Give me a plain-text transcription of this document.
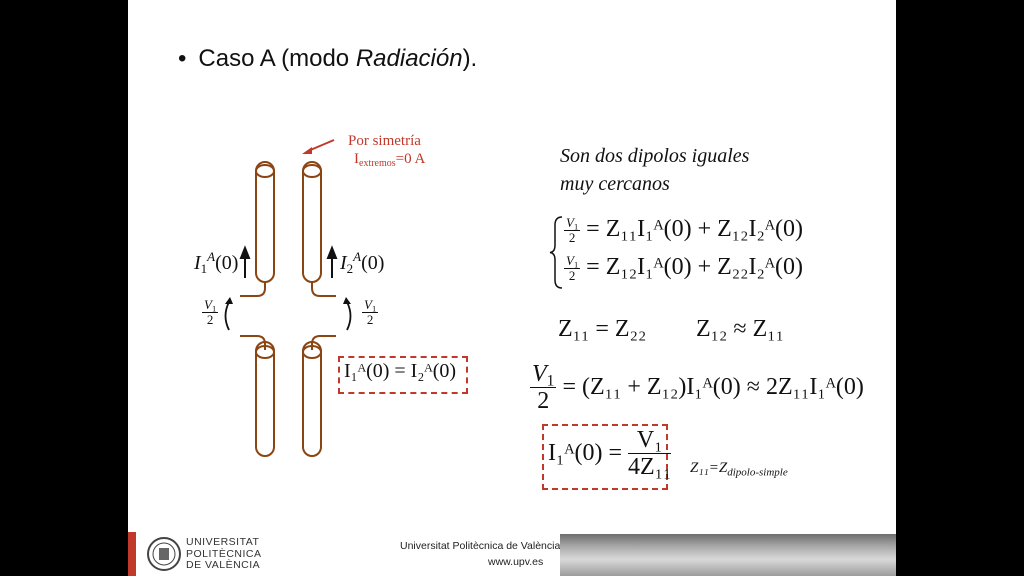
• Caso A (modo Radiación).
Por simetría
$I_{extremos}=0$ A
$I_1^A(0)$	$I_2^A(0)$
$\frac{V_1}{2}$	$\frac{V_1}{2}$
I₁ᴬ(0) = I₂ᴬ(0)
Son dos dipolos iguales
muy cercanos
$\frac{V_1}{2}$ = Z₁₁I₁ᴬ(0) + Z₁₂I₂ᴬ(0)
$\frac{V_1}{2}$ = Z₁₂I₁ᴬ(0) + Z₂₂I₂ᴬ(0)
Z₁₁ = Z₂₂ Z₁₂ ≈ Z₁₁
$\frac{V_1}{2} = (Z_{11}$ + Z₁₂)I₁ᴬ(0) ≈ 2Z₁₁I₁ᴬ(0)
I₁ᴬ(0) = $\frac{\text{V₁}}{\text{4Z₁₁}} Z_{11}=Z_{dipolo-simple}$
UNIVERSITAT
POLITÈCNICA
DE VALÈNCIA
Universitat Politècnica de València
www.upv.es
